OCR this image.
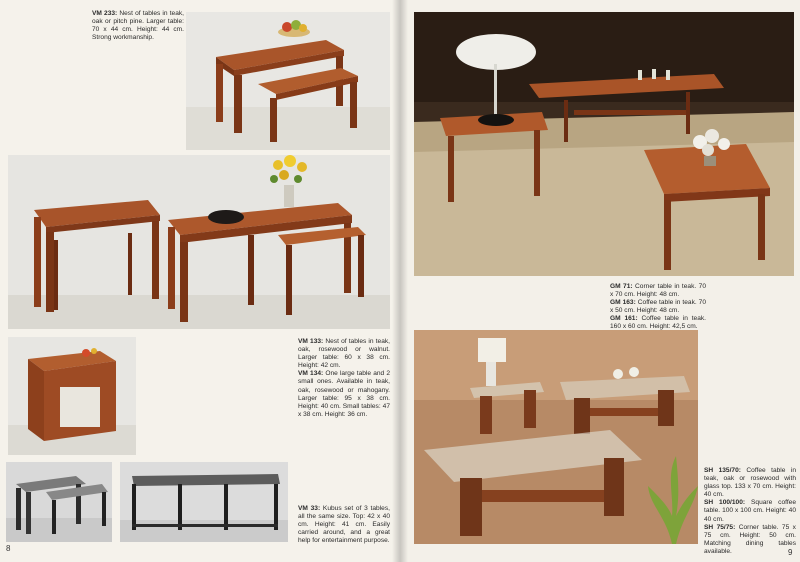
VM 233: Nest of tables in teak, oak or pitch pine. Larger table: 70 x 44 cm. Height: 44 cm. Strong workmanship.

VM 133: Nest of tables in teak, oak, rosewood or walnut. Larger table: 60 x 38 cm. Height: 42 cm.

VM 134: One large table and 2 small ones. Available in teak, oak, rosewood or mahogany. Larger table: 95 x 38 cm. Height: 40 cm. Small tables: 47 x 38 cm. Height: 36 cm.

VM 33: Kubus set of 3 tables, all the same size. Top: 42 x 40 cm. Height: 41 cm. Easily carried around, and a great help for entertainment purpose.

8

GM 71: Corner table in teak. 70 x 70 cm. Height: 48 cm.

GM 163: Coffee table in teak. 70 x 50 cm. Height: 48 cm.

GM 161: Coffee table in teak. 160 x 60 cm. Height: 42,5 cm.

SH 135/70: Coffee table in teak, oak or rosewood with glass top. 133 x 70 cm. Height: 40 cm.

SH 100/100: Square coffee table. 100 x 100 cm. Height: 40 40 cm.

SH 75/75: Corner table. 75 x 75 cm. Height: 50 cm. Matching dining tables available.	9
